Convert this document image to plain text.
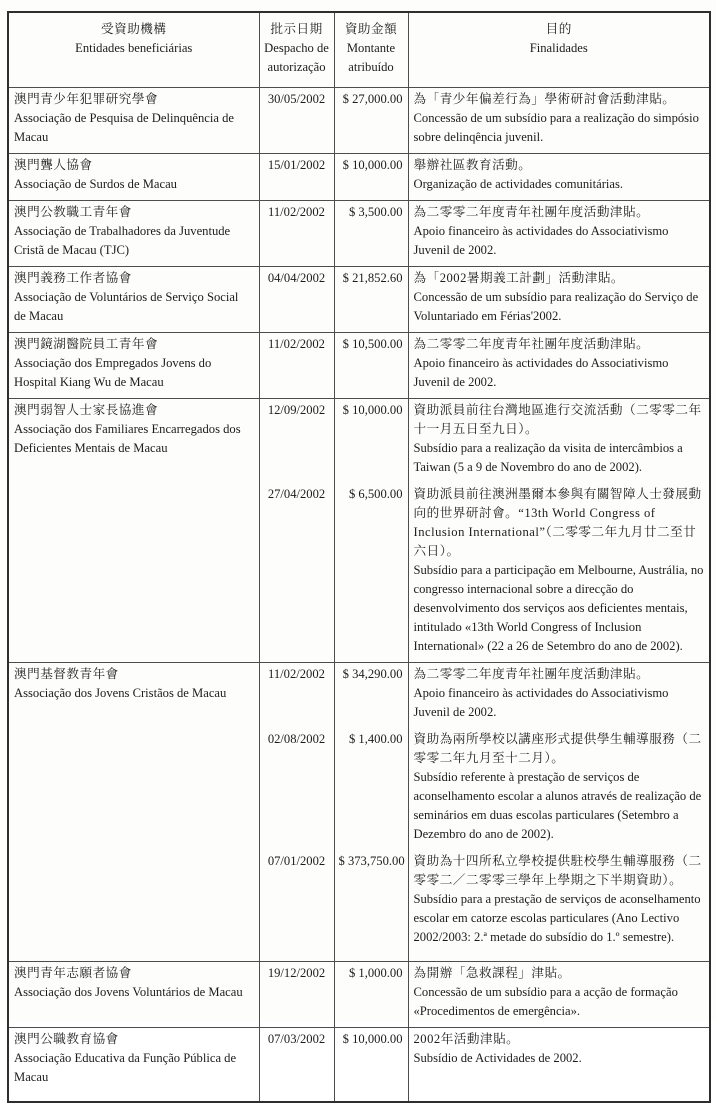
受資助機構
Entidades beneficiárias

批示日期
Despacho de
autorização

資助金額
Montante
atribuído

目的
Finalidades

澳門青少年犯罪研究學會
Associação de Pesquisa de Delinquência de Macau
	30/05/2002	$ 27,000.00	為「青少年偏差行為」學術研討會活動津貼。

Concessão de um subsídio para a realização do simpósio sobre delinqência juvenil.

澳門聾人協會
Associação de Surdos de Macau
	15/01/2002	$ 10,000.00	舉辦社區教育活動。

Organização de actividades comunitárias.

澳門公教職工青年會
Associação de Trabalhadores da Juventude Cristã de Macau (TJC)
	11/02/2002	$ 3,500.00	為二零零二年度青年社團年度活動津貼。

Apoio financeiro às actividades do Associativismo Juvenil de 2002.

澳門義務工作者協會
Associação de Voluntários de Serviço Social de Macau
	04/04/2002	$ 21,852.60	為「2002暑期義工計劃」活動津貼。

Concessão de um subsídio para realização do Serviço de Voluntariado em Férias'2002.

澳門鏡湖醫院員工青年會
Associação dos Empregados Jovens do Hospital Kiang Wu de Macau
	11/02/2002	$ 10,500.00	為二零零二年度青年社團年度活動津貼。

Apoio financeiro às actividades do Associativismo Juvenil de 2002.

澳門弱智人士家長協進會
Associação dos Familiares Encarregados dos Deficientes Mentais de Macau
	12/09/2002	$ 10,000.00	資助派員前往台灣地區進行交流活動（二零零二年十一月五日至九日）。

Subsídio para a realização da visita de intercâmbios a Taiwan (5 a 9 de Novembro do ano de 2002).

	27/04/2002	$ 6,500.00	資助派員前往澳洲墨爾本參與有關智障人士發展動向的世界研討會。“13th World Congress of Inclusion International”（二零零二年九月廿二至廿六日）。

Subsídio para a participação em Melbourne, Austrália, no congresso internacional sobre a direcção do desenvolvimento dos serviços aos deficientes mentais, intitulado «13th World Congress of Inclusion International» (22 a 26 de Setembro do ano de 2002).

澳門基督教青年會
Associação dos Jovens Cristãos de Macau
	11/02/2002	$ 34,290.00	為二零零二年度青年社團年度活動津貼。

Apoio financeiro às actividades do Associativismo Juvenil de 2002.

	02/08/2002	$ 1,400.00	資助為兩所學校以講座形式提供學生輔導服務（二零零二年九月至十二月）。

Subsídio referente à prestação de serviços de aconselhamento escolar a alunos através de realização de seminários em duas escolas particulares (Setembro a Dezembro do ano de 2002).

	07/01/2002	$ 373,750.00	資助為十四所私立學校提供駐校學生輔導服務（二零零二／二零零三學年上學期之下半期資助）。

Subsídio para a prestação de serviços de aconselhamento escolar em catorze escolas particulares (Ano Lectivo 2002/2003: 2.ª metade do subsídio do 1.º semestre).

澳門青年志願者協會
Associação dos Jovens Voluntários de Macau
	19/12/2002	$ 1,000.00	為開辦「急救課程」津貼。

Concessão de um subsídio para a acção de formação «Procedimentos de emergência».

澳門公職教育協會
Associação Educativa da Função Pública de Macau
	07/03/2002	$ 10,000.00	2002年活動津貼。

Subsídio de Actividades de 2002.
